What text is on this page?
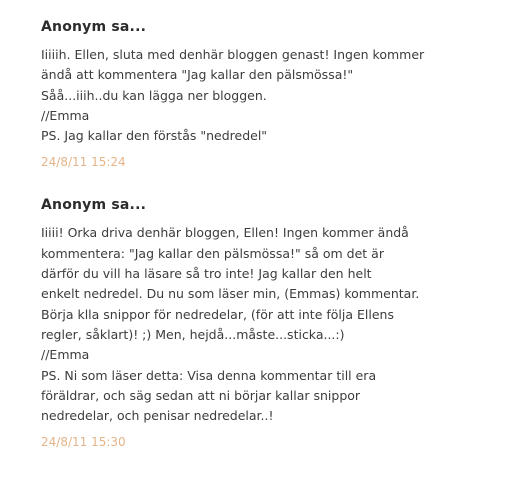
Anonym sa...
Iiiiih. Ellen, sluta med denhär bloggen genast! Ingen kommer
ändå att kommentera "Jag kallar den pälsmössa!"
Såå...iiih..du kan lägga ner bloggen.
//Emma
PS. Jag kallar den förstås "nedredel"
24/8/11 15:24
Anonym sa...
Iiiii! Orka driva denhär bloggen, Ellen! Ingen kommer ändå
kommentera: "Jag kallar den pälsmössa!" så om det är
därför du vill ha läsare så tro inte! Jag kallar den helt
enkelt nedredel. Du nu som läser min, (Emmas) kommentar.
Börja klla snippor för nedredelar, (för att inte följa Ellens
regler, såklart)! ;) Men, hejdå...måste...sticka...:)
//Emma
PS. Ni som läser detta: Visa denna kommentar till era
föräldrar, och säg sedan att ni börjar kallar snippor
nedredelar, och penisar nedredelar..!
24/8/11 15:30
